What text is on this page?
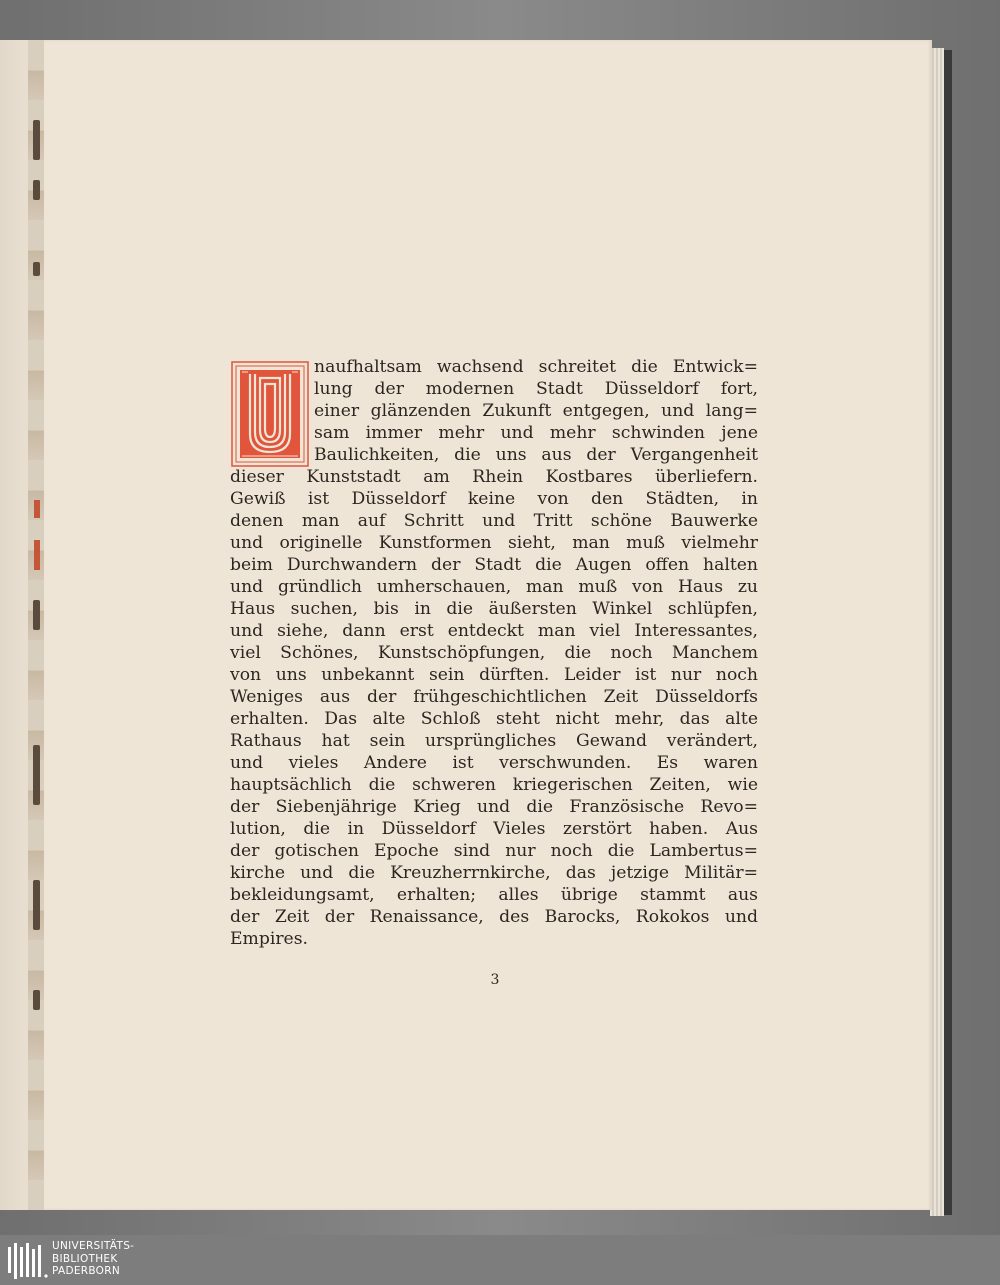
naufhaltsam wachsend schreitet die Entwick=
lung der modernen Stadt Düsseldorf fort,
einer glänzenden Zukunft entgegen, und lang=
sam immer mehr und mehr schwinden jene
Baulichkeiten, die uns aus der Vergangenheit
dieser Kunststadt am Rhein Kostbares überliefern.
Gewiß ist Düsseldorf keine von den Städten, in
denen man auf Schritt und Tritt schöne Bauwerke
und originelle Kunstformen sieht, man muß vielmehr
beim Durchwandern der Stadt die Augen offen halten
und gründlich umherschauen, man muß von Haus zu
Haus suchen, bis in die äußersten Winkel schlüpfen,
und siehe, dann erst entdeckt man viel Interessantes,
viel Schönes, Kunstschöpfungen, die noch Manchem
von uns unbekannt sein dürften. Leider ist nur noch
Weniges aus der frühgeschichtlichen Zeit Düsseldorfs
erhalten. Das alte Schloß steht nicht mehr, das alte
Rathaus hat sein ursprüngliches Gewand verändert,
und vieles Andere ist verschwunden. Es waren
hauptsächlich die schweren kriegerischen Zeiten, wie
der Siebenjährige Krieg und die Französische Revo=
lution, die in Düsseldorf Vieles zerstört haben. Aus
der gotischen Epoche sind nur noch die Lambertus=
kirche und die Kreuzherrnkirche, das jetzige Militär=
bekleidungsamt, erhalten; alles übrige stammt aus
der Zeit der Renaissance, des Barocks, Rokokos und
Empires.
3
UNIVERSITÄTS-
BIBLIOTHEK
PADERBORN
